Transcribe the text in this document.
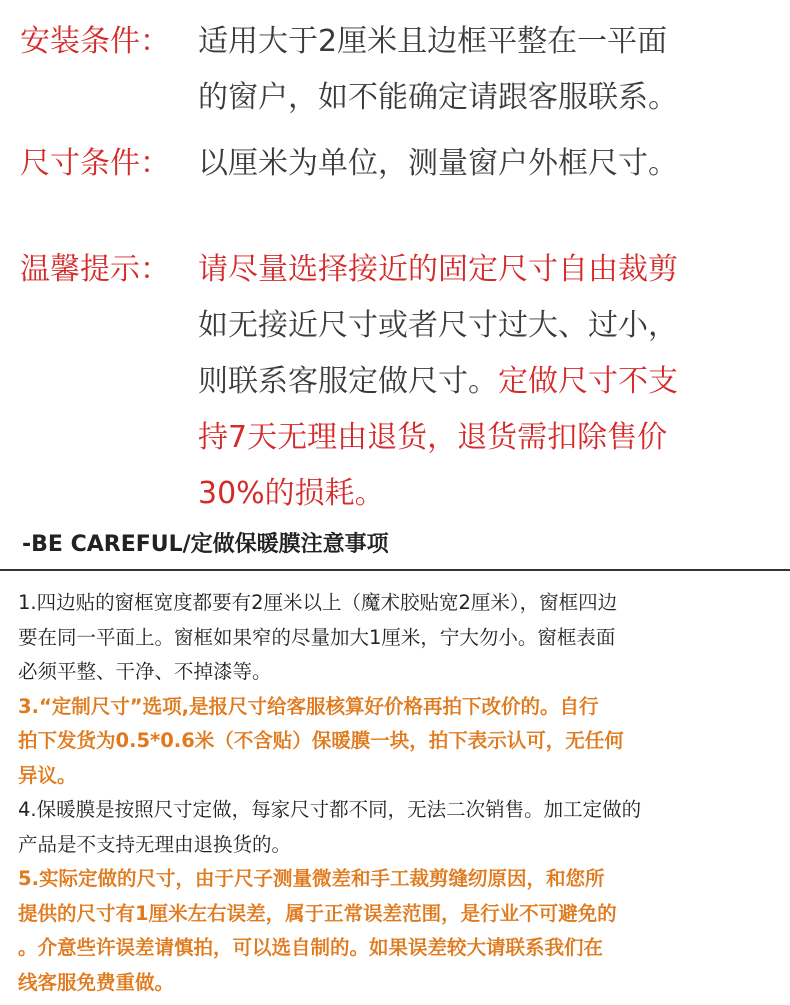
安装条件： 适用大于2厘米且边框平整在一平面
的窗户，如不能确定请跟客服联系。
尺寸条件： 以厘米为单位，测量窗户外框尺寸。
温馨提示： 请尽量选择接近的固定尺寸自由裁剪
如无接近尺寸或者尺寸过大、过小，
则联系客服定做尺寸。定做尺寸不支
持7天无理由退货，退货需扣除售价
30%的损耗。
-BE CAREFUL/定做保暖膜注意事项
1.四边贴的窗框宽度都要有2厘米以上（魔术胶贴宽2厘米），窗框四边
要在同一平面上。窗框如果窄的尽量加大1厘米，宁大勿小。窗框表面
必须平整、干净、不掉漆等。
3.“定制尺寸”选项,是报尺寸给客服核算好价格再拍下改价的。自行
拍下发货为0.5*0.6米（不含贴）保暖膜一块，拍下表示认可，无任何
异议。
4.保暖膜是按照尺寸定做，每家尺寸都不同，无法二次销售。加工定做的
产品是不支持无理由退换货的。
5.实际定做的尺寸，由于尺子测量微差和手工裁剪缝纫原因，和您所
提供的尺寸有1厘米左右误差，属于正常误差范围，是行业不可避免的
。介意些许误差请慎拍，可以选自制的。如果误差较大请联系我们在
线客服免费重做。
